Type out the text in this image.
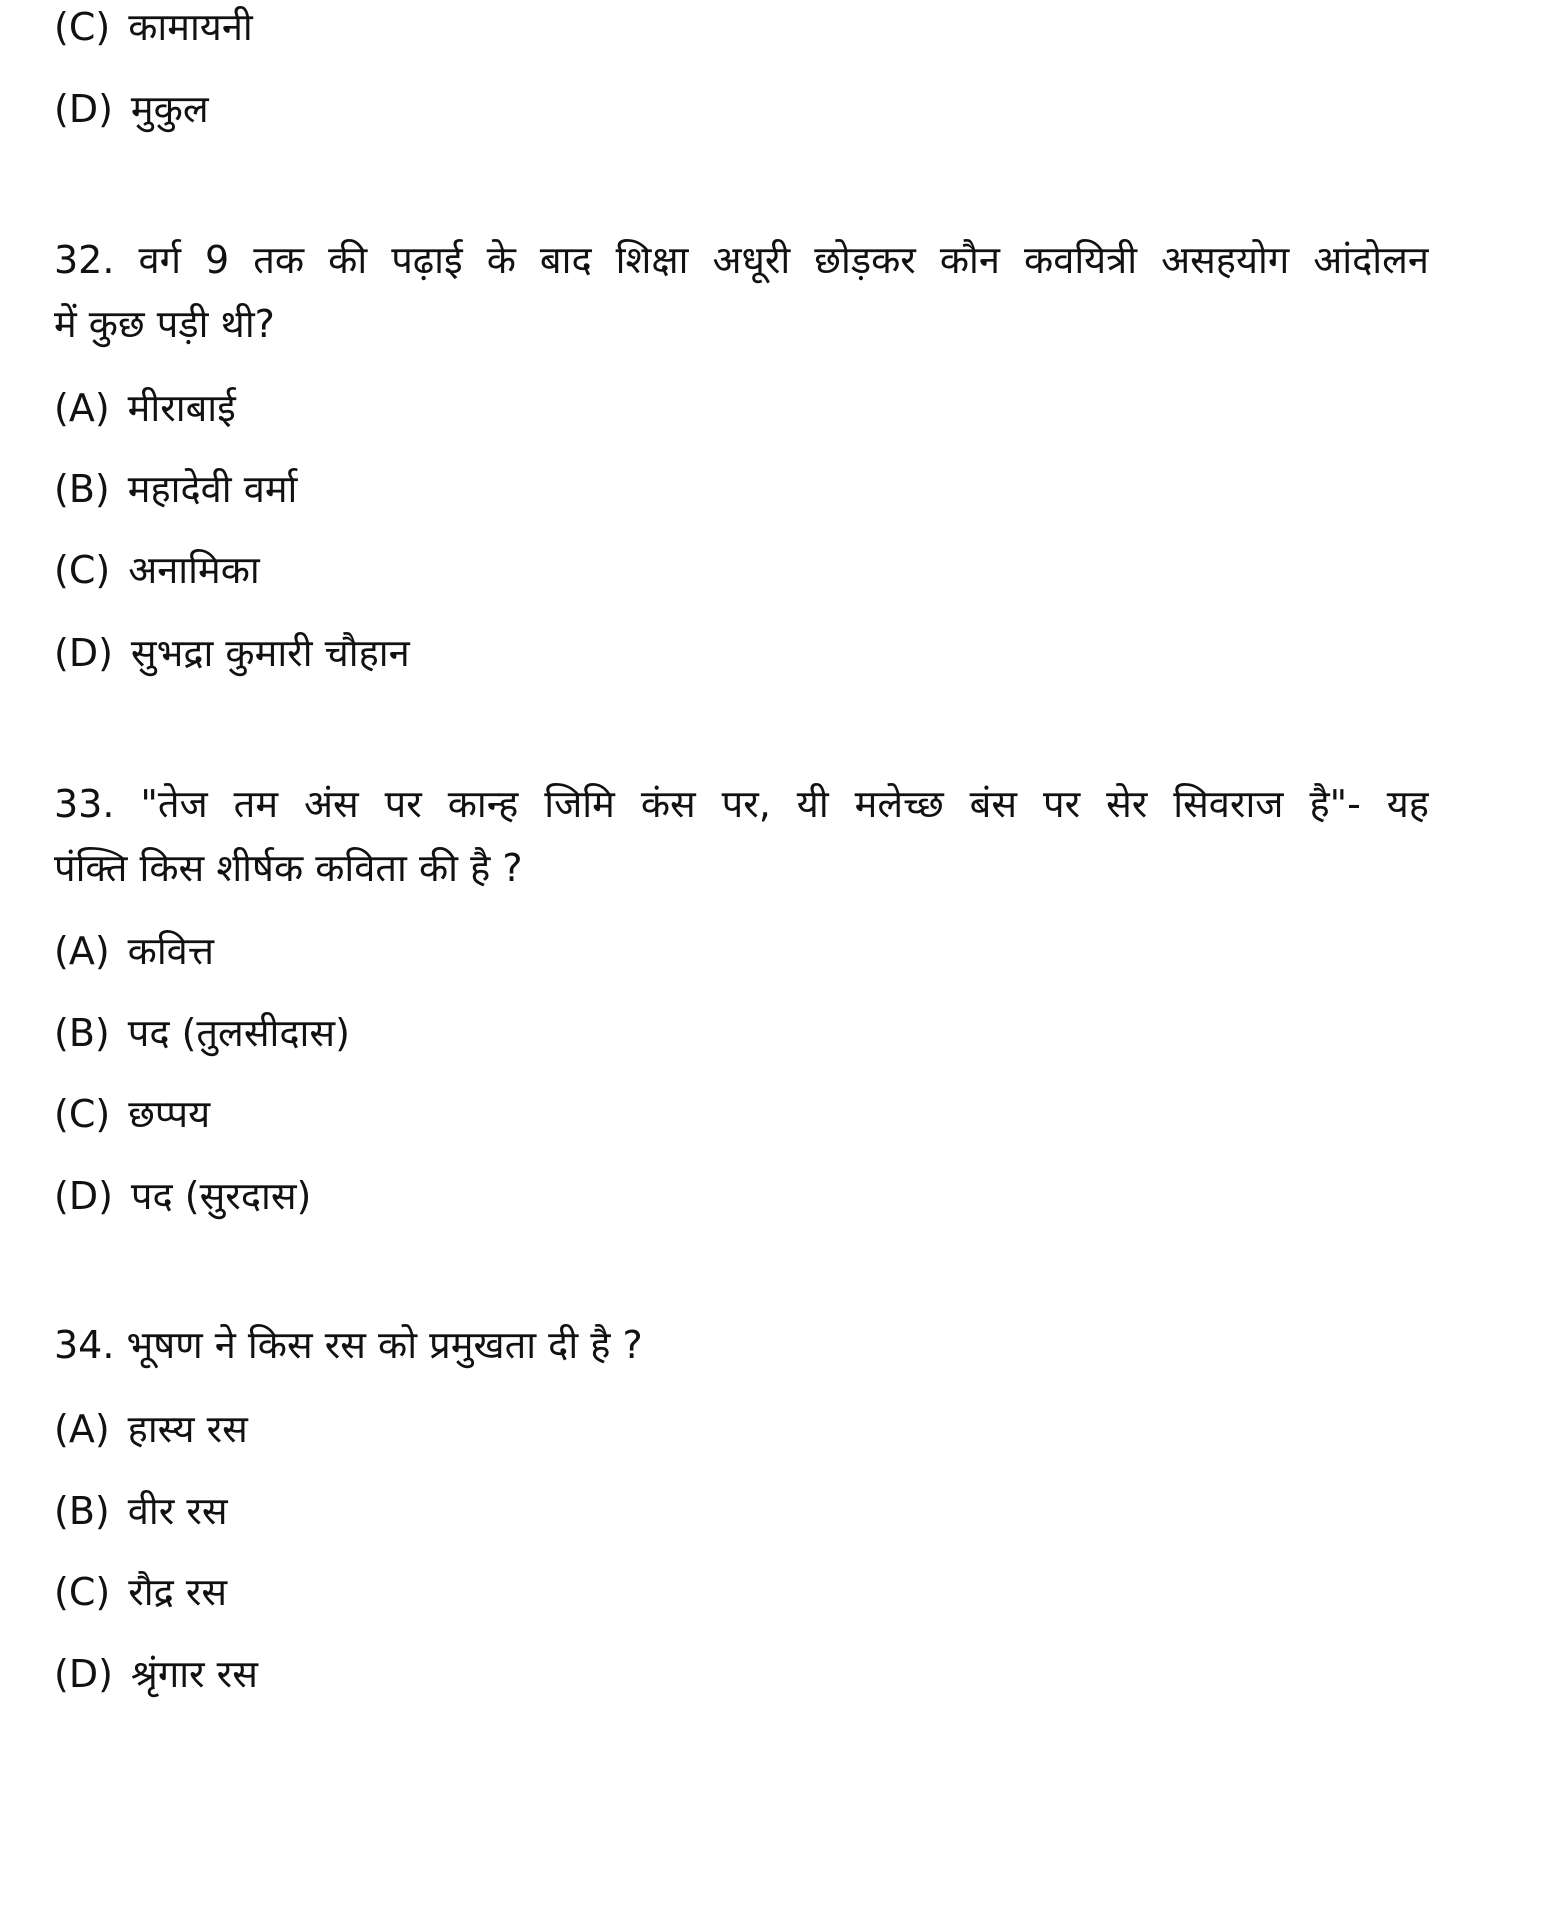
(C) कामायनी
(D) मुकुल
32. वर्ग 9 तक की पढ़ाई के बाद शिक्षा अधूरी छोड़कर कौन कवयित्री असहयोग आंदोलन
में कुछ पड़ी थी?
(A) मीराबाई
(B) महादेवी वर्मा
(C) अनामिका
(D) सुभद्रा कुमारी चौहान
33. "तेज तम अंस पर कान्ह जिमि कंस पर, यी मलेच्छ बंस पर सेर सिवराज है"- यह
पंक्ति किस शीर्षक कविता की है ?
(A) कवित्त
(B) पद (तुलसीदास)
(C) छप्पय
(D) पद (सुरदास)
34. भूषण ने किस रस को प्रमुखता दी है ?
(A) हास्य रस
(B) वीर रस
(C) रौद्र रस
(D) श्रृंगार रस
